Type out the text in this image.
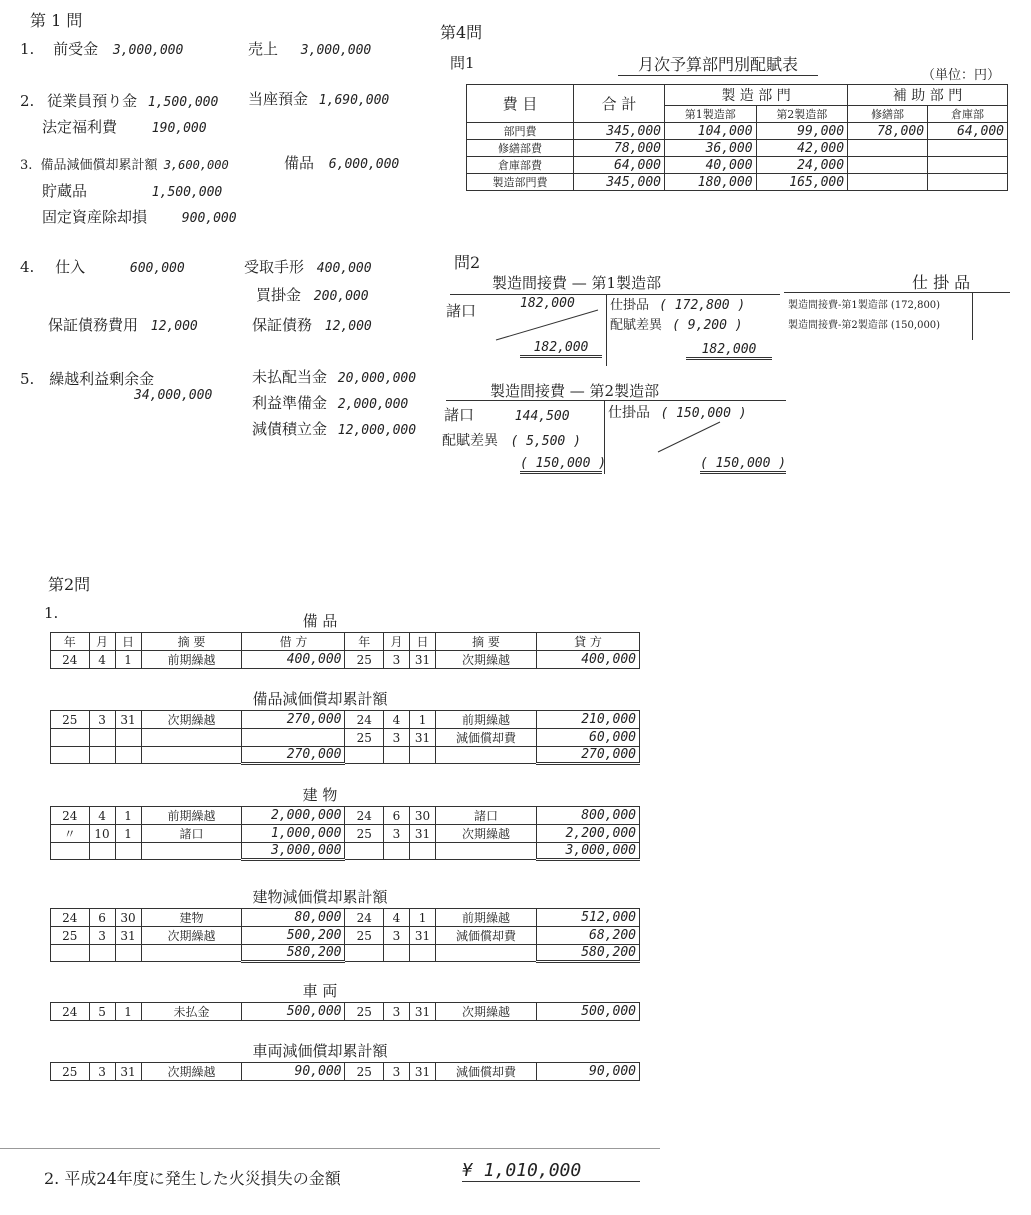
第 1 問
1. 前受金 3,000,000	売上 3,000,000
2. 従業員預り金 1,500,000 当座預金 1,690,000
法定福利費	190,000
3. 備品減価償却累計額 3,600,000	備品 6,000,000
貯蔵品	1,500,000
固定資産除却損	900,000
4. 仕入	600,000	受取手形 400,000
買掛金 200,000
保証債務費用 12,000	保証債務 12,000
5. 繰越利益剰余金
34,000,000
未払配当金 20,000,000
利益準備金 2,000,000
減債積立金 12,000,000
第4問
問1	月次予算部門別配賦表
（単位：円）
費 目	合 計	製 造 部 門		補 助 部 門	
		第1製造部	第2製造部	修繕部	倉庫部
部門費	345,000	104,000	99,000	78,000	64,000
修繕部費	78,000	36,000	42,000		
倉庫部費	64,000	40,000	24,000		
製造部門費	345,000	180,000	165,000		
問2
製造間接費 — 第1製造部
諸口	182,000	仕掛品 ( 172,800 )
配賦差異 ( 9,200 )
182,000	182,000
仕 掛 品
製造間接費-第1製造部 (172,800)
製造間接費-第2製造部 (150,000)
製造間接費 — 第2製造部
諸口	144,500
配賦差異 ( 5,500 )
仕掛品 ( 150,000 )
( 150,000 )	( 150,000 )
第2問
1.	備 品
年	月	日	摘 要	借 方	年	月	日	摘 要	貸 方
24	4	1	前期繰越	400,000	25	3	31	次期繰越	400,000
備品減価償却累計額
25	3	31	次期繰越	270,000	24	4	1	前期繰越	210,000
					25	3	31	減価償却費	60,000
				270,000					270,000
建 物
24	4	1	前期繰越	2,000,000	24	6	30	諸口	800,000
〃	10	1	諸口	1,000,000	25	3	31	次期繰越	2,200,000
				3,000,000					3,000,000
建物減価償却累計額
24	6	30	建物	80,000	24	4	1	前期繰越	512,000
25	3	31	次期繰越	500,200	25	3	31	減価償却費	68,200
				580,200					580,200
車 両
24	5	1	未払金	500,000	25	3	31	次期繰越	500,000
車両減価償却累計額
25	3	31	次期繰越	90,000	25	3	31	減価償却費	90,000
2. 平成24年度に発生した火災損失の金額	¥ 1,010,000
